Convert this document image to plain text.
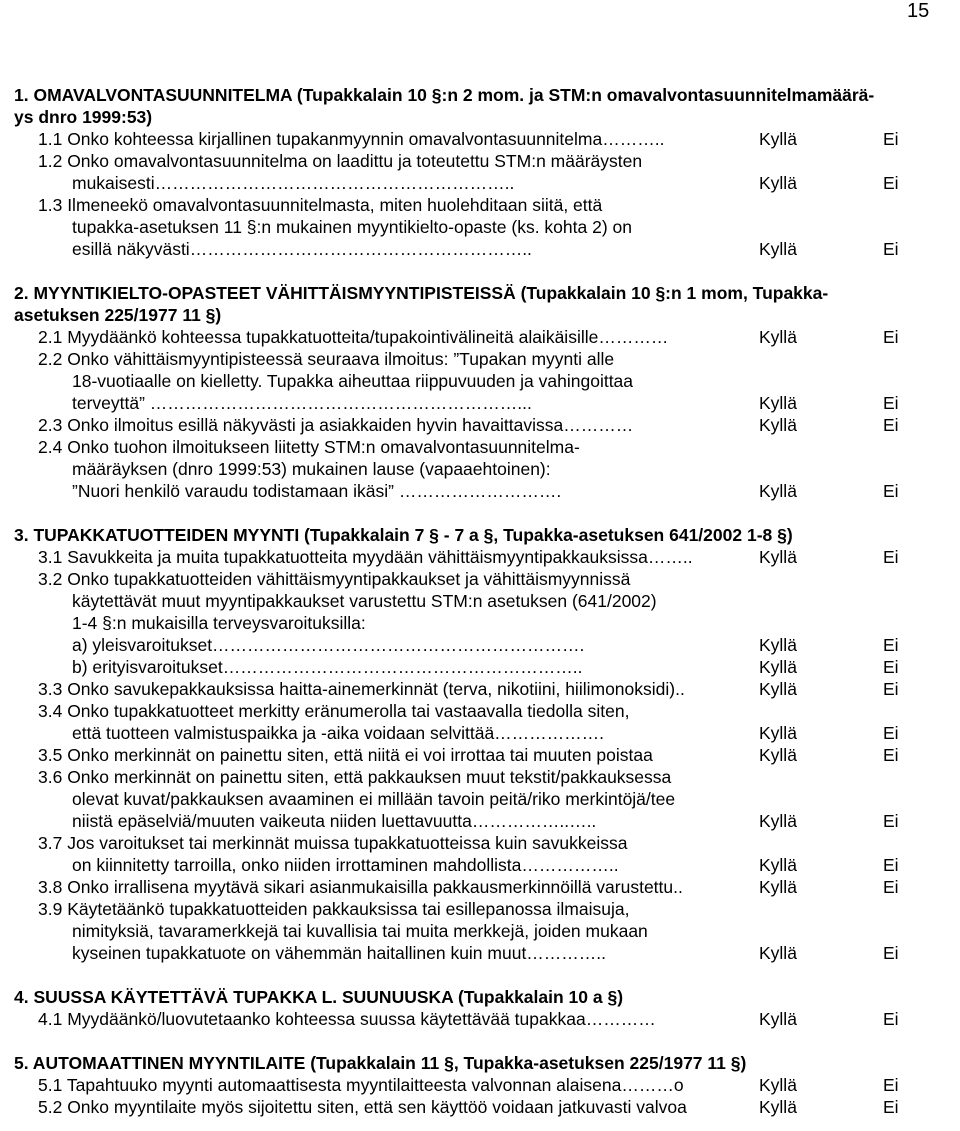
15
1. OMAVALVONTASUUNNITELMA (Tupakkalain 10 §:n 2 mom. ja STM:n omavalvontasuunnitelmamäärä-
ys dnro 1999:53)
1.1 Onko kohteessa kirjallinen tupakanmyynnin omavalvontasuunnitelma………..	Kyllä	Ei
1.2 Onko omavalvontasuunnitelma on laadittu ja toteutettu STM:n määräysten
mukaisesti……………………………………………………..	Kyllä	Ei
1.3 Ilmeneekö omavalvontasuunnitelmasta, miten huolehditaan siitä, että
tupakka-asetuksen 11 §:n mukainen myyntikielto-opaste (ks. kohta 2) on
esillä näkyvästi…………………………………………………..	Kyllä	Ei
2. MYYNTIKIELTO-OPASTEET VÄHITTÄISMYYNTIPISTEISSÄ (Tupakkalain 10 §:n 1 mom, Tupakka-
asetuksen 225/1977 11 §)
2.1 Myydäänkö kohteessa tupakkatuotteita/tupakointivälineitä alaikäisille…………	Kyllä	Ei
2.2 Onko vähittäismyyntipisteessä seuraava ilmoitus: ”Tupakan myynti alle
18-vuotiaalle on kielletty. Tupakka aiheuttaa riippuvuuden ja vahingoittaa
terveyttä” ………………………………………………………...	Kyllä	Ei
2.3 Onko ilmoitus esillä näkyvästi ja asiakkaiden hyvin havaittavissa…………	Kyllä	Ei
2.4 Onko tuohon ilmoitukseen liitetty STM:n omavalvontasuunnitelma-
määräyksen (dnro 1999:53) mukainen lause (vapaaehtoinen):
”Nuori henkilö varaudu todistamaan ikäsi” ……………………….	Kyllä	Ei
3. TUPAKKATUOTTEIDEN MYYNTI (Tupakkalain 7 § - 7 a §, Tupakka-asetuksen 641/2002 1-8 §)
3.1 Savukkeita ja muita tupakkatuotteita myydään vähittäismyyntipakkauksissa……..	Kyllä	Ei
3.2 Onko tupakkatuotteiden vähittäismyyntipakkaukset ja vähittäismyynnissä
käytettävät muut myyntipakkaukset varustettu STM:n asetuksen (641/2002)
1-4 §:n mukaisilla terveysvaroituksilla:
a) yleisvaroitukset……………………………………………………….	Kyllä	Ei
b) erityisvaroitukset……………………………………………………..	Kyllä	Ei
3.3 Onko savukepakkauksissa haitta-ainemerkinnät (terva, nikotiini, hiilimonoksidi)..	Kyllä	Ei
3.4 Onko tupakkatuotteet merkitty eränumerolla tai vastaavalla tiedolla siten,
että tuotteen valmistuspaikka ja -aika voidaan selvittää……………….	Kyllä	Ei
3.5 Onko merkinnät on painettu siten, että niitä ei voi irrottaa tai muuten poistaa	Kyllä	Ei
3.6 Onko merkinnät on painettu siten, että pakkauksen muut tekstit/pakkauksessa
olevat kuvat/pakkauksen avaaminen ei millään tavoin peitä/riko merkintöjä/tee
niistä epäselviä/muuten vaikeuta niiden luettavuutta……………..…..	Kyllä	Ei
3.7 Jos varoitukset tai merkinnät muissa tupakkatuotteissa kuin savukkeissa
on kiinnitetty tarroilla, onko niiden irrottaminen mahdollista……………..	Kyllä	Ei
3.8 Onko irrallisena myytävä sikari asianmukaisilla pakkausmerkinnöillä varustettu..	Kyllä	Ei
3.9 Käytetäänkö tupakkatuotteiden pakkauksissa tai esillepanossa ilmaisuja,
nimityksiä, tavaramerkkejä tai kuvallisia tai muita merkkejä, joiden mukaan
kyseinen tupakkatuote on vähemmän haitallinen kuin muut…………..	Kyllä	Ei
4. SUUSSA KÄYTETTÄVÄ TUPAKKA L. SUUNUUSKA (Tupakkalain 10 a §)
4.1 Myydäänkö/luovutetaanko kohteessa suussa käytettävää tupakkaa…………	Kyllä	Ei
5. AUTOMAATTINEN MYYNTILAITE (Tupakkalain 11 §, Tupakka-asetuksen 225/1977 11 §)
5.1 Tapahtuuko myynti automaattisesta myyntilaitteesta valvonnan alaisena………o	Kyllä	Ei
5.2 Onko myyntilaite myös sijoitettu siten, että sen käyttöö voidaan jatkuvasti valvoa	Kyllä	Ei
